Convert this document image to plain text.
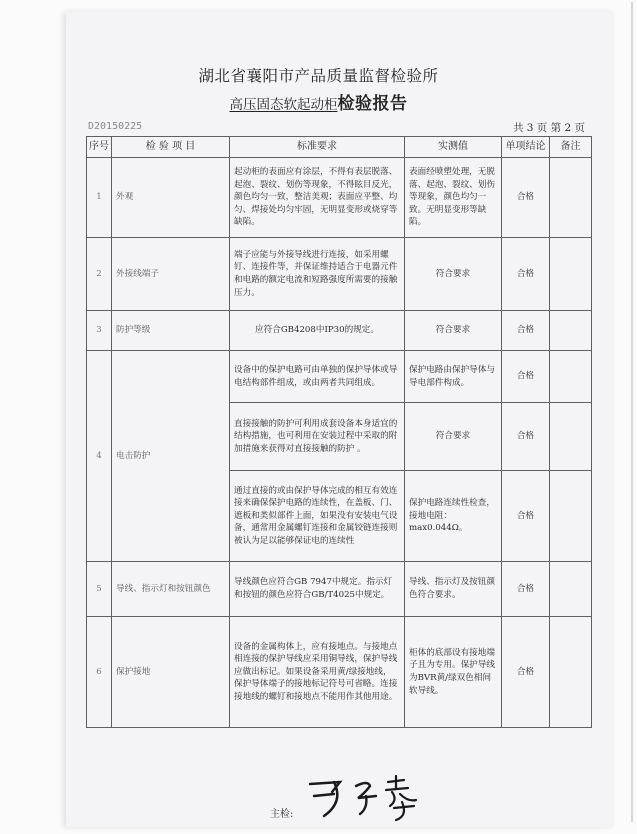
湖北省襄阳市产品质量监督检验所
高压固态软起动柜检验报告
D20150225	共 3 页 第 2 页
序号	检 验 项 目	标准要求	实测值	单项结论	备注
1	外观	起动柜的表面应有涂层，不得有表层脱落、起泡、裂纹、划伤等现象，不得眩目反光，颜色均匀一致，整洁美观；表面应平整、均匀、焊接处均匀牢固，无明显变形或烧穿等缺陷。	表面经喷塑处理，无脱落、起泡、裂纹、划伤等现象，颜色均匀一致。无明显变形等缺陷。	合格	
2	外接线端子	端子应能与外接导线进行连接，如采用螺钉、连接件等，并保证维持适合于电器元件和电路的额定电流和短路强度所需要的接触压力。	符合要求	合格	
3	防护等级	应符合GB4208中IP30的规定。	符合要求	合格	
4	电击防护	设备中的保护电路可由单独的保护导体或导电结构部件组成，或由两者共同组成。	保护电路由保护导体与导电部件构成。	合格	
		直接接触的防护可利用成套设备本身适宜的结构措施，也可利用在安装过程中采取的附加措施来获得对直接接触的防护 。	符合要求	合格	
		通过直接的或由保护导体完成的相互有效连接来确保保护电路的连续性，在盖板、门、遮板和类似部件上面，如果没有安装电气设备，通常用金属螺钉连接和金属铰链连接则被认为足以能够保证电的连续性	保护电路连续性检查，接地电阻：max0.044Ω。	合格	
5	导线、指示灯和按钮颜色	导线颜色应符合GB 7947中规定。指示灯和按钮的颜色应符合GB/T4025中规定。	导线、指示灯及按钮颜色符合要求。	合格	
6	保护接地	设备的金属构体上，应有接地点。与接地点相连接的保护导线应采用铜导线，保护导线应做出标记。如果设备采用黄/绿接地线，保护导体端子的接地标记符号可省略。连接接地线的螺钉和接地点不能用作其他用途。	柜体的底部设有接地端子且为专用。保护导线为BVR黄/绿双色相间软导线。	合格	
主检:
